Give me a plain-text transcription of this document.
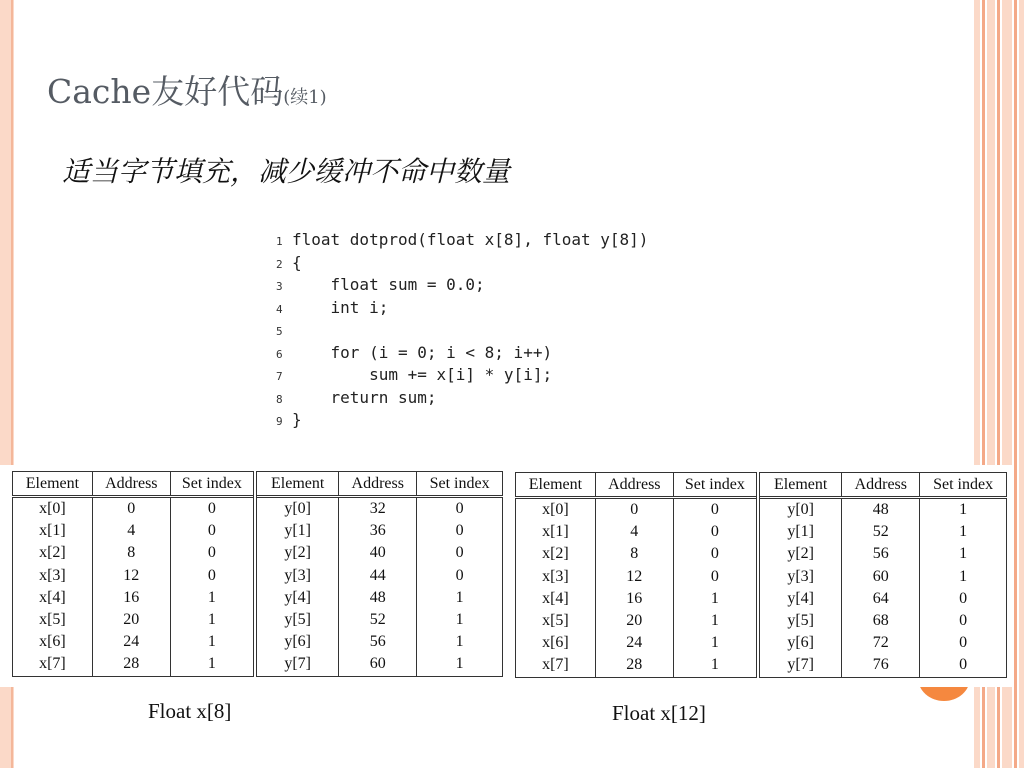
Cache友好代码(续1)
适当字节填充，减少缓冲不命中数量
1 float dotprod(float x[8], float y[8])
2 {
3    float sum = 0.0;
4    int i;
5
6    for (i = 0; i < 8; i++)
7        sum += x[i] * y[i];
8    return sum;
9 }
Element	Address	Set index	Element	Address	Set index
x[0]	0	0	y[0]	32	0
x[1]	4	0	y[1]	36	0
x[2]	8	0	y[2]	40	0
x[3]	12	0	y[3]	44	0
x[4]	16	1	y[4]	48	1
x[5]	20	1	y[5]	52	1
x[6]	24	1	y[6]	56	1
x[7]	28	1	y[7]	60	1
Element	Address	Set index	Element	Address	Set index
x[0]	0	0	y[0]	48	1
x[1]	4	0	y[1]	52	1
x[2]	8	0	y[2]	56	1
x[3]	12	0	y[3]	60	1
x[4]	16	1	y[4]	64	0
x[5]	20	1	y[5]	68	0
x[6]	24	1	y[6]	72	0
x[7]	28	1	y[7]	76	0
Float x[8]	Float x[12]
